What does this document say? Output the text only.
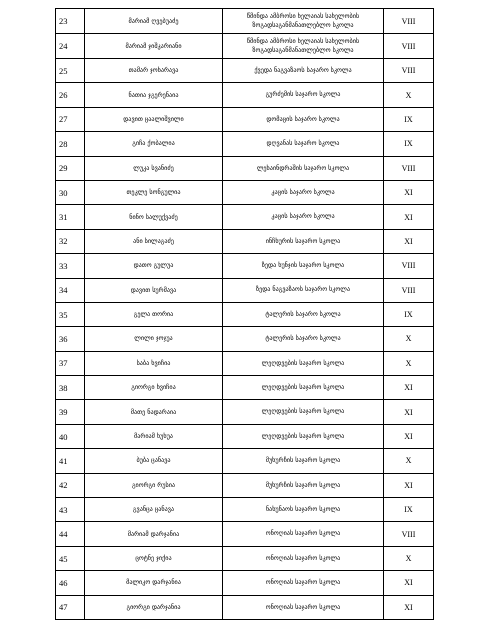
23	მარიამ ღვებუაძე	წმინდა ამბროსი ხელაიას სახელობის
ზოგადსაგანმანათლებლო სკოლა	VIII
24	მარიამ ჯიშკარიანი	წმინდა ამბროსი ხელაიას სახელობის
ზოგადსაგანმანათლებლო სკოლა	VIII
25	თამარ ჯოხარავა	ქვედა ნაგვაზაოს საჯარო სკოლა	VIII
26	ნათია ჯგერენაია	გურძემის საჯარო სკოლა	X
27	დავით ცაალიშვილი	დომაცის საჯარო სკოლა	IX
28	გიჩა ქობალია	დღვანას საჯარო სკოლა	IX
29	ლუკა სვანიძე	ლეხაინდრაშის საჯარო სკოლა	VIII
30	თეკლე სონგულია	კაცის საჯარო სკოლა	XI
31	ნინო სალუქვაძე	კაცის საჯარო სკოლა	XI
32	ანი სილაგაძე	ინჩხურის საჯარო სკოლა	XI
33	დათო გულუა	ზედა ხუნჯის საჯარო სკოლა	VIII
34	დავით სურმავა	ზედა ნაგვაზაოს საჯარო სკოლა	VIII
35	გელა თორია	ტალერის საჯარო სკოლა	IX
36	ლილი ჯოჯუა	ტალერის საჯარო სკოლა	X
37	საბა ხვიჩია	ლეღდვების საჯარო სკოლა	X
38	გიორგი ხვიჩია	ლეღდვების საჯარო სკოლა	XI
39	მათე ნადარაია	ლეღდვების საჯარო სკოლა	XI
40	მარიამ ხუხუა	ლეღდვების საჯარო სკოლა	XI
41	ბუბა ცანავა	მუხურჩის საჯარო სკოლა	X
42	გიორგი რუსია	მუხურჩის საჯარო სკოლა	XI
43	გვანცა ცანავა	ნახუნაოს საჯარო სკოლა	IX
44	მარიამ დარჯანია	ონოღიას საჯარო სკოლა	VIII
45	ცოტნე ჯიქია	ონოღიას საჯარო სკოლა	X
46	მალიკო დარჯანია	ონოღიას საჯარო სკოლა	XI
47	გიორგი დარჯანია	ონოღიას საჯარო სკოლა	XI
